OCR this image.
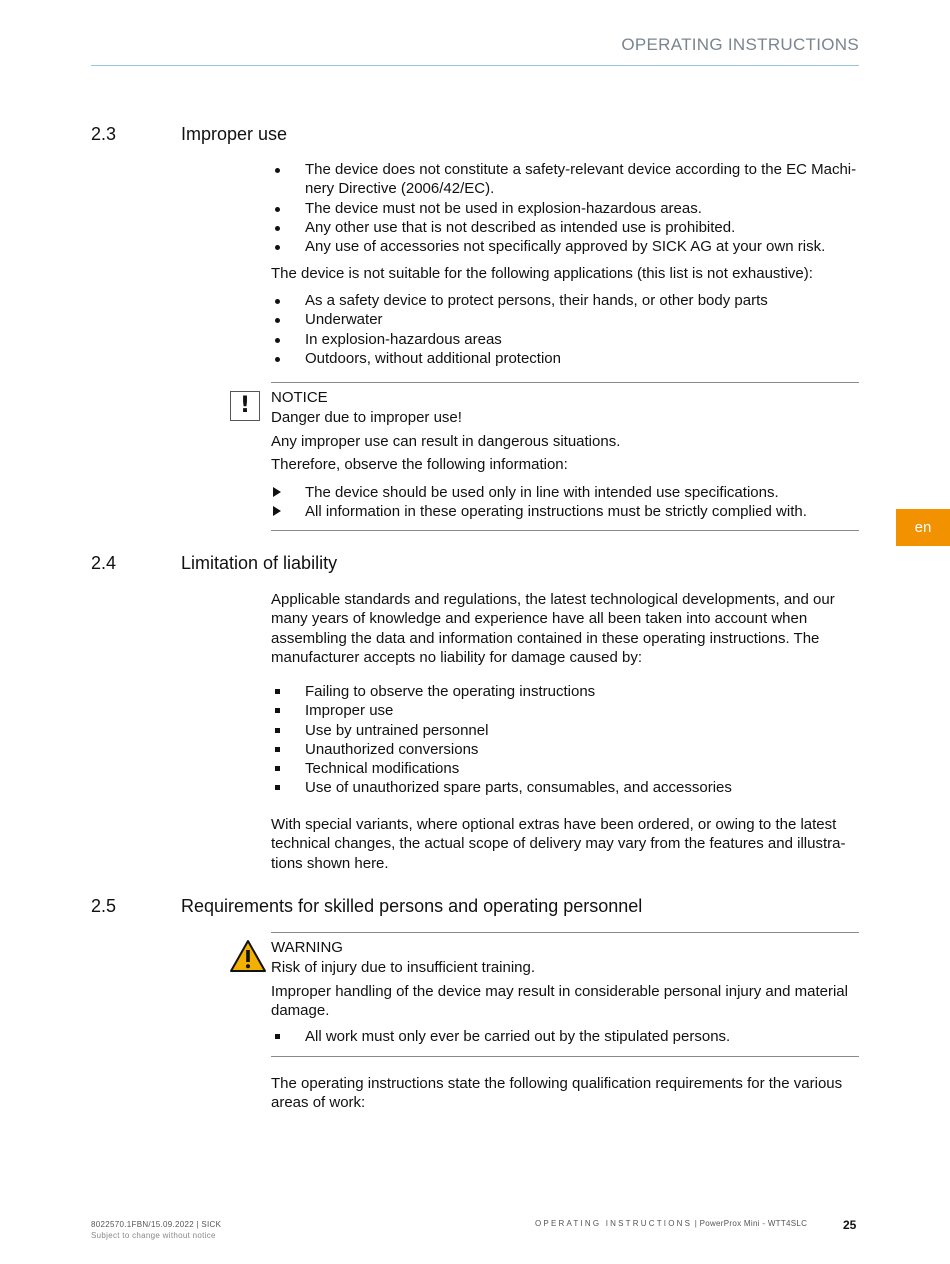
OPERATING INSTRUCTIONS
en
2.3	Improper use
The device does not constitute a safety-relevant device according to the EC Machi-nery Directive (2006/42/EC).
The device must not be used in explosion-hazardous areas.
Any other use that is not described as intended use is prohibited.
Any use of accessories not specifically approved by SICK AG at your own risk.

The device is not suitable for the following applications (this list is not exhaustive):

As a safety device to protect persons, their hands, or other body parts
Underwater
In explosion-hazardous areas
Outdoors, without additional protection
!	NOTICE
Danger due to improper use!
Any improper use can result in dangerous situations.
Therefore, observe the following information:
The device should be used only in line with intended use specifications.
All information in these operating instructions must be strictly complied with.
2.4	Limitation of liability

Applicable standards and regulations, the latest technological developments, and our many years of knowledge and experience have all been taken into account when assembling the data and information contained in these operating instructions. The manufacturer accepts no liability for damage caused by:

Failing to observe the operating instructions
Improper use
Use by untrained personnel
Unauthorized conversions
Technical modifications
Use of unauthorized spare parts, consumables, and accessories

With special variants, where optional extras have been ordered, or owing to the latest technical changes, the actual scope of delivery may vary from the features and illustra-tions shown here.

2.5	Requirements for skilled persons and operating personnel
WARNING
Risk of injury due to insufficient training.
Improper handling of the device may result in considerable personal injury and material damage.
All work must only ever be carried out by the stipulated persons.

The operating instructions state the following qualification requirements for the various areas of work:

8022570.1FBN/15.09.2022 | SICK
Subject to change without notice
OPERATING INSTRUCTIONS | PowerProx Mini - WTT4SLC	25
